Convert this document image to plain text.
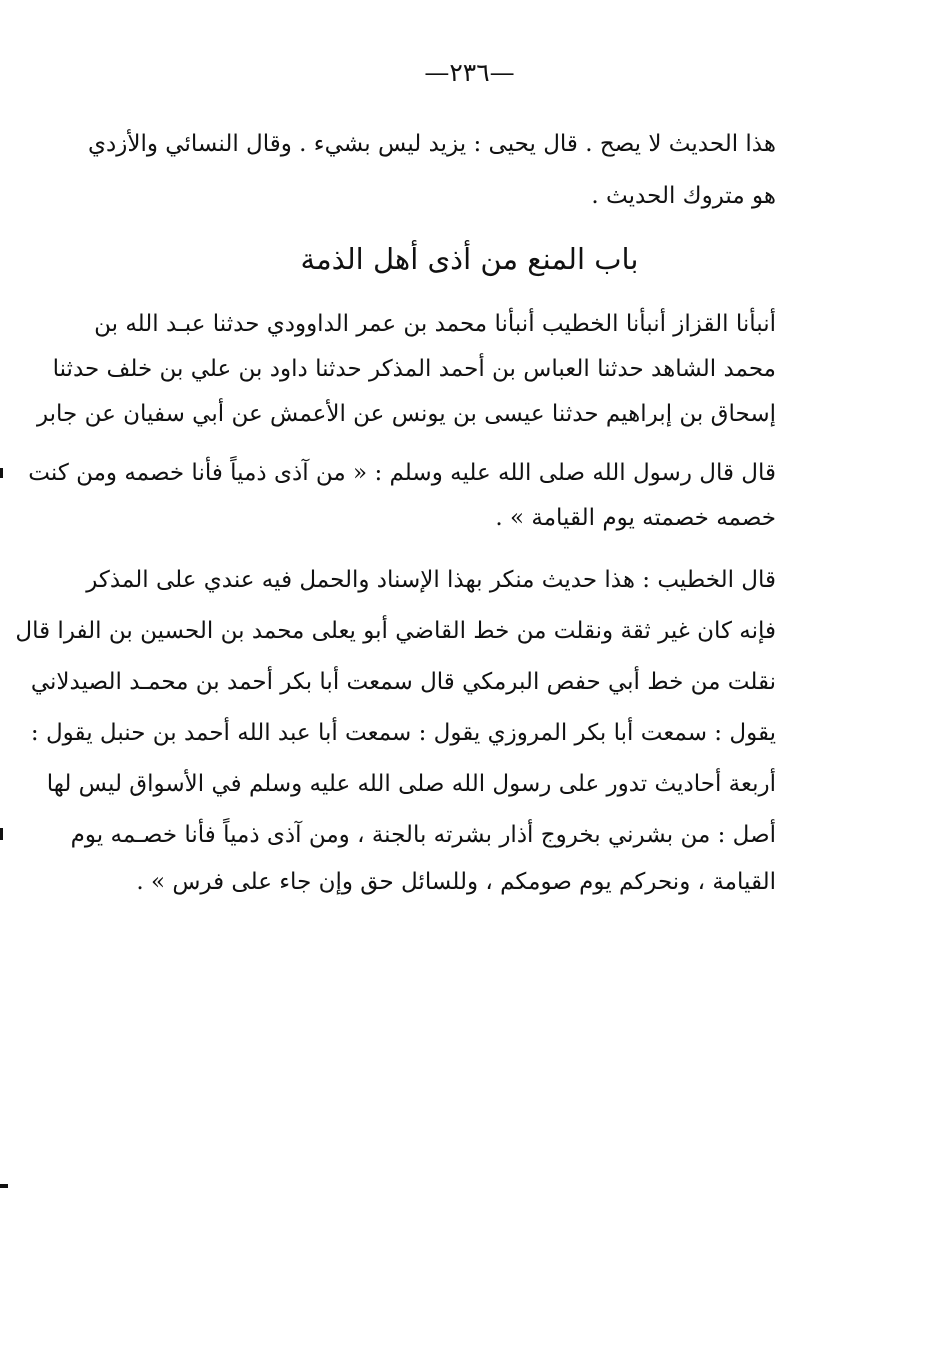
—٢٣٦—
هذا الحديث لا يصح . قال يحيى : يزيد ليس بشيء . وقال النسائي والأزدي
هو متروك الحديث .
باب المنع من أذى أهل الذمة
أنبأنا القزاز أنبأنا الخطيب أنبأنا محمد بن عمر الداوودي حدثنا عبـد الله بن
محمد الشاهد حدثنا العباس بن أحمد المذكر حدثنا داود بن علي بن خلف حدثنا
إسحاق بن إبراهيم حدثنا عيسى بن يونس عن الأعمش عن أبي سفيان عن جابر
قال قال رسول الله صلى الله عليه وسلم : « من آذى ذمياً فأنا خصمه ومن كنت
خصمه خصمته يوم القيامة » .
قال الخطيب : هذا حديث منكر بهذا الإسناد والحمل فيه عندي على المذكر
فإنه كان غير ثقة ونقلت من خط القاضي أبو يعلى محمد بن الحسين بن الفرا قال
نقلت من خط أبي حفص البرمكي قال سمعت أبا بكر أحمد بن محمـد الصيدلاني
يقول : سمعت أبا بكر المروزي يقول : سمعت أبا عبد الله أحمد بن حنبل يقول :
أربعة أحاديث تدور على رسول الله صلى الله عليه وسلم في الأسواق ليس لها
أصل : من بشرني بخروج أذار بشرته بالجنة ، ومن آذى ذمياً فأنا خصـمه يوم
القيامة ، ونحركم يوم صومكم ، وللسائل حق وإن جاء على فرس » .
